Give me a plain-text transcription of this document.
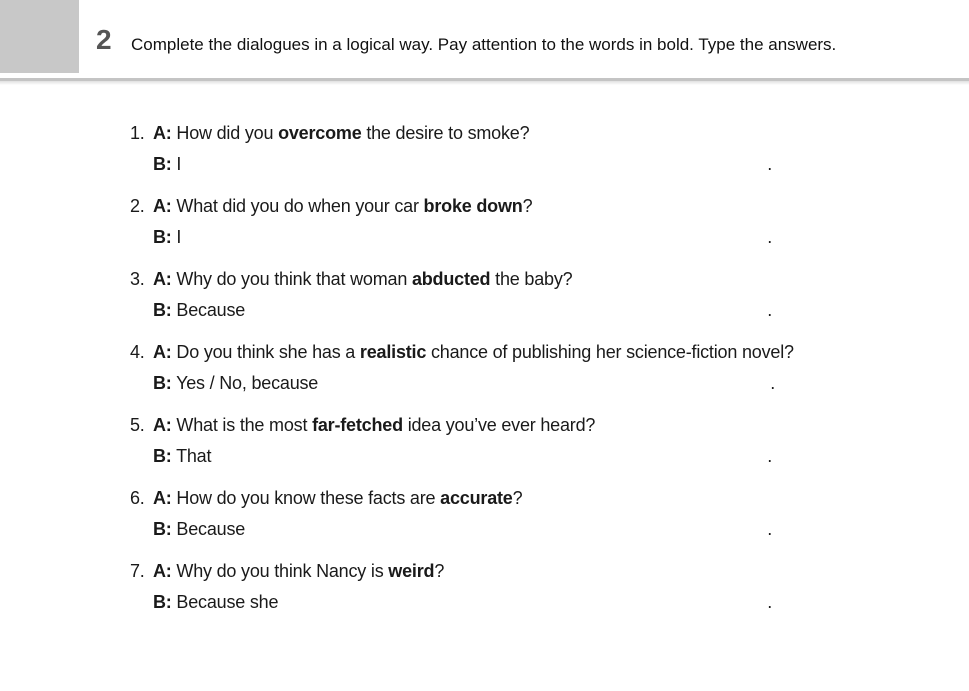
2 Complete the dialogues in a logical way. Pay attention to the words in bold. Type the answers.
1. A: How did you overcome the desire to smoke?
B: I	.
2. A: What did you do when your car broke down?
B: I	.
3. A: Why do you think that woman abducted the baby?
B: Because	.
4. A: Do you think she has a realistic chance of publishing her science-fiction novel?
B: Yes / No, because	.
5. A: What is the most far-fetched idea you’ve ever heard?
B: That	.
6. A: How do you know these facts are accurate?
B: Because	.
7. A: Why do you think Nancy is weird?
B: Because she	.
